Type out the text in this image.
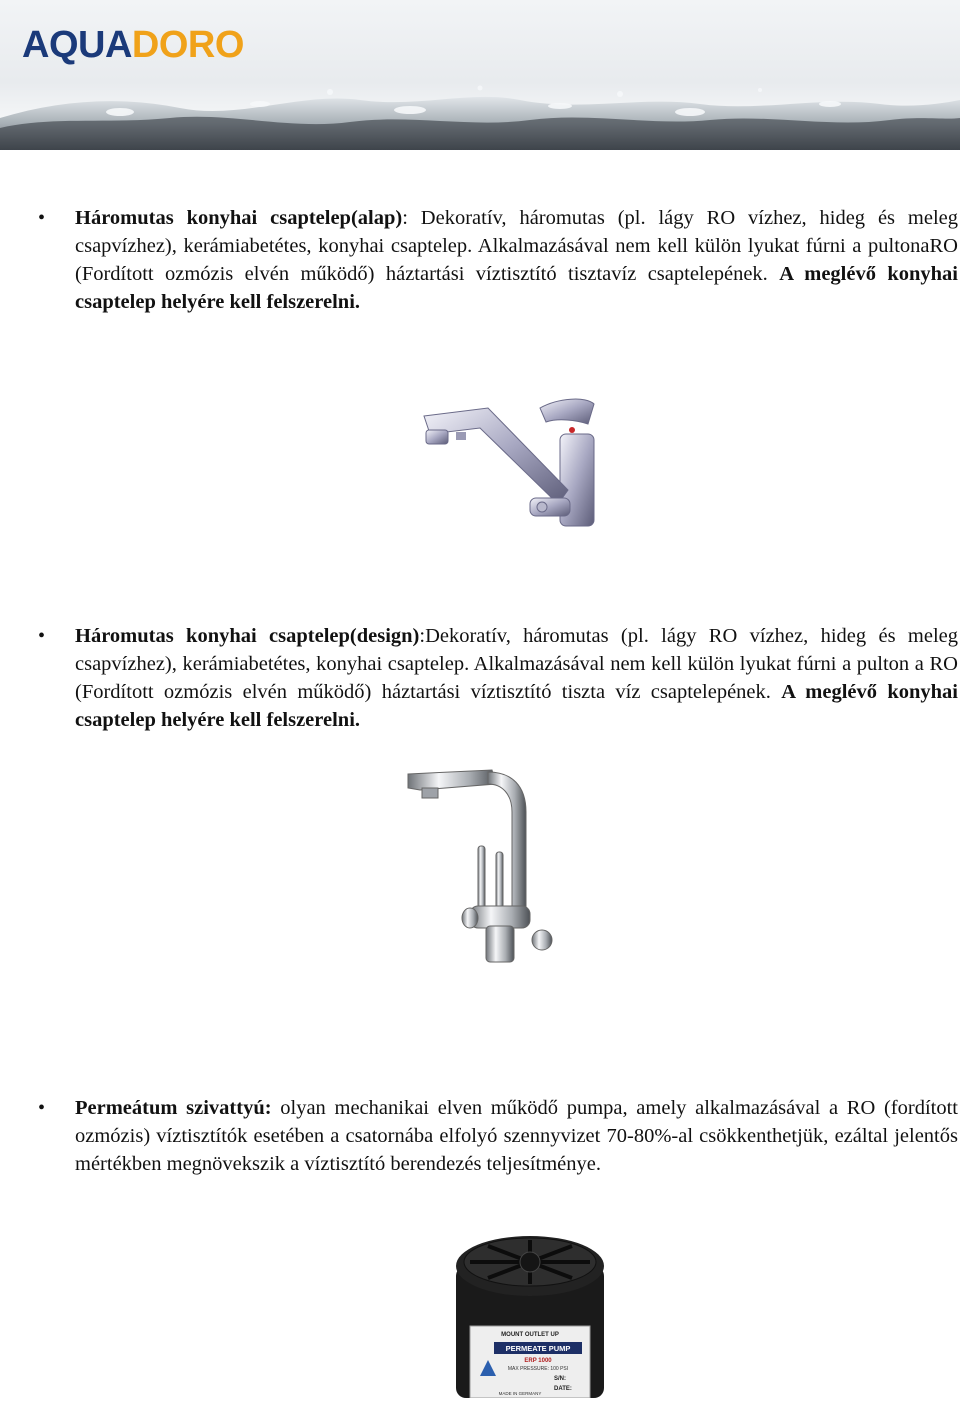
AQUADORO
• Háromutas konyhai csaptelep(alap): Dekoratív, háromutas (pl. lágy RO vízhez, hideg és meleg csapvízhez), kerámiabetétes, konyhai csaptelep. Alkalmazásával nem kell külön lyukat fúrni a pultonaRO (Fordított ozmózis elvén működő) háztartási víztisztító tisztavíz csaptelepének. A meglévő konyhai csaptelep helyére kell felszerelni.

• Háromutas konyhai csaptelep(design):Dekoratív, háromutas (pl. lágy RO vízhez, hideg és meleg csapvízhez), kerámiabetétes, konyhai csaptelep. Alkalmazásával nem kell külön lyukat fúrni a pulton a RO (Fordított ozmózis elvén működő) háztartási víztisztító tiszta víz csaptelepének. A meglévő konyhai csaptelep helyére kell felszerelni.

• Permeátum szivattyú: olyan mechanikai elven működő pumpa, amely alkalmazásával a RO (fordított ozmózis) víztisztítók esetében a csatornába elfolyó szennyvizet 70-80%-al csökkenthetjük, ezáltal jelentős mértékben megnövekszik a víztisztító berendezés teljesítménye.

MOUNT OUTLET UP
PERMEATE PUMP
ERP 1000
MAX PRESSURE: 100 PSI
S/N:
DATE:
MADE IN GERMANY
